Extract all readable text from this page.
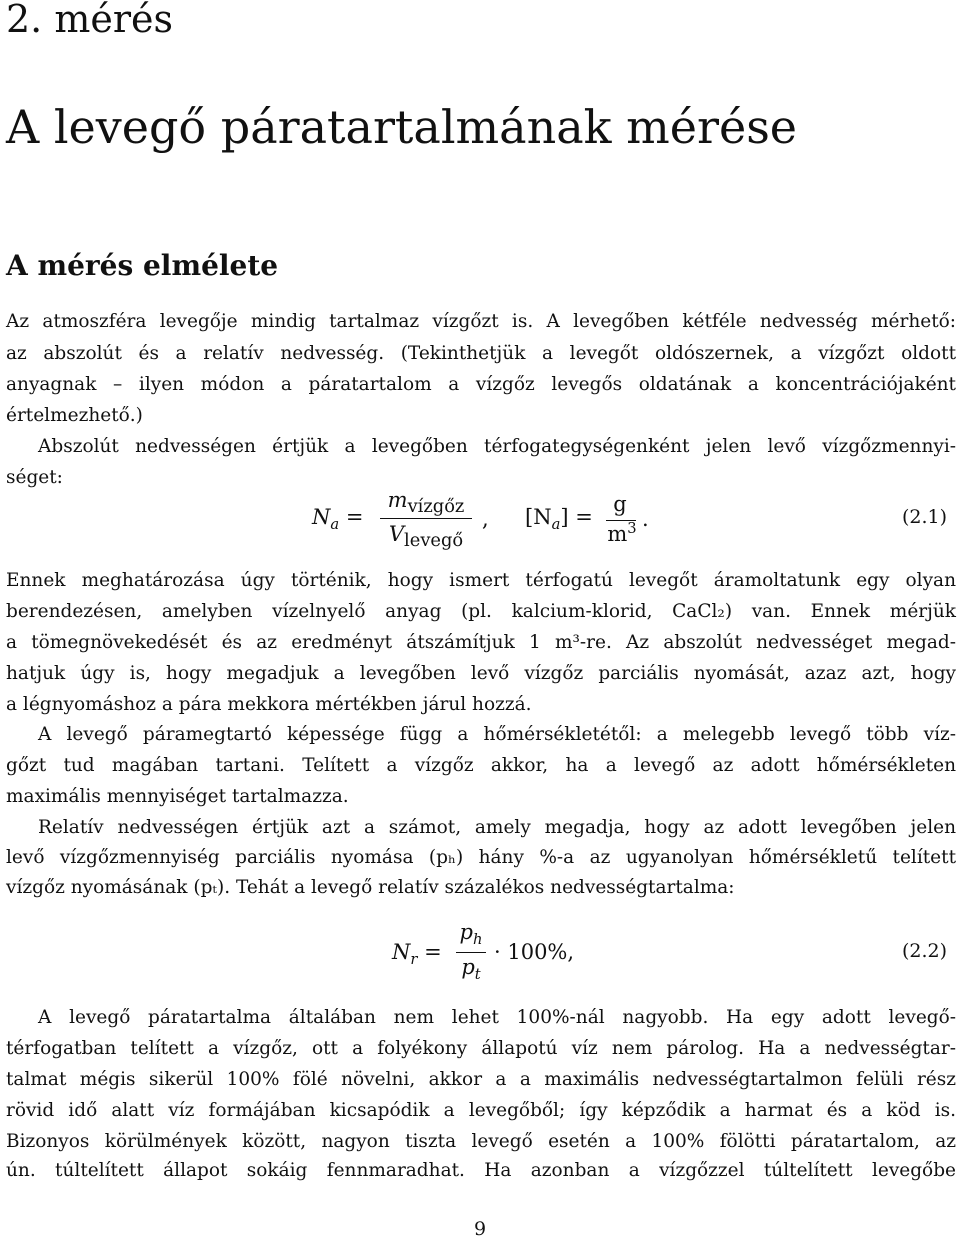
2. mérés
A levegő páratartalmának mérése
A mérés elmélete
Az atmoszféra levegője mindig tartalmaz vízgőzt is. A levegőben kétféle nedvesség mérhető:
az abszolút és a relatív nedvesség. (Tekinthetjük a levegőt oldószernek, a vízgőzt oldott
anyagnak – ilyen módon a páratartalom a vízgőz levegős oldatának a koncentrációjaként
értelmezhető.)
Abszolút nedvességen értjük a levegőben térfogategységenként jelen levő vízgőzmennyi-
séget:
$N_a$ =
$m_{vízgőz}$
$V_{levegő}$
, $[N_a]$ =
g
$m^3$ .	(2.1)
Ennek meghatározása úgy történik, hogy ismert térfogatú levegőt áramoltatunk egy olyan
berendezésen, amelyben vízelnyelő anyag (pl. kalcium-klorid, CaCl₂) van. Ennek mérjük
a tömegnövekedését és az eredményt átszámítjuk 1 m³-re. Az abszolút nedvességet megad-
hatjuk úgy is, hogy megadjuk a levegőben levő vízgőz parciális nyomását, azaz azt, hogy
a légnyomáshoz a pára mekkora mértékben járul hozzá.
A levegő páramegtartó képessége függ a hőmérsékletétől: a melegebb levegő több víz-
gőzt tud magában tartani. Telített a vízgőz akkor, ha a levegő az adott hőmérsékleten
maximális mennyiséget tartalmazza.
Relatív nedvességen értjük azt a számot, amely megadja, hogy az adott levegőben jelen
levő vízgőzmennyiség parciális nyomása (pₕ) hány %-a az ugyanolyan hőmérsékletű telített
vízgőz nyomásának (pₜ). Tehát a levegő relatív százalékos nedvességtartalma:
$N_r$ =
$p_h$
$p_t$
· 100%,	(2.2)
A levegő páratartalma általában nem lehet 100%-nál nagyobb. Ha egy adott levegő-
térfogatban telített a vízgőz, ott a folyékony állapotú víz nem párolog. Ha a nedvességtar-
talmat mégis sikerül 100% fölé növelni, akkor a a maximális nedvességtartalmon felüli rész
rövid idő alatt víz formájában kicsapódik a levegőből; így képződik a harmat és a köd is.
Bizonyos körülmények között, nagyon tiszta levegő esetén a 100% fölötti páratartalom, az
ún. túltelített állapot sokáig fennmaradhat. Ha azonban a vízgőzzel túltelített levegőbe
9
